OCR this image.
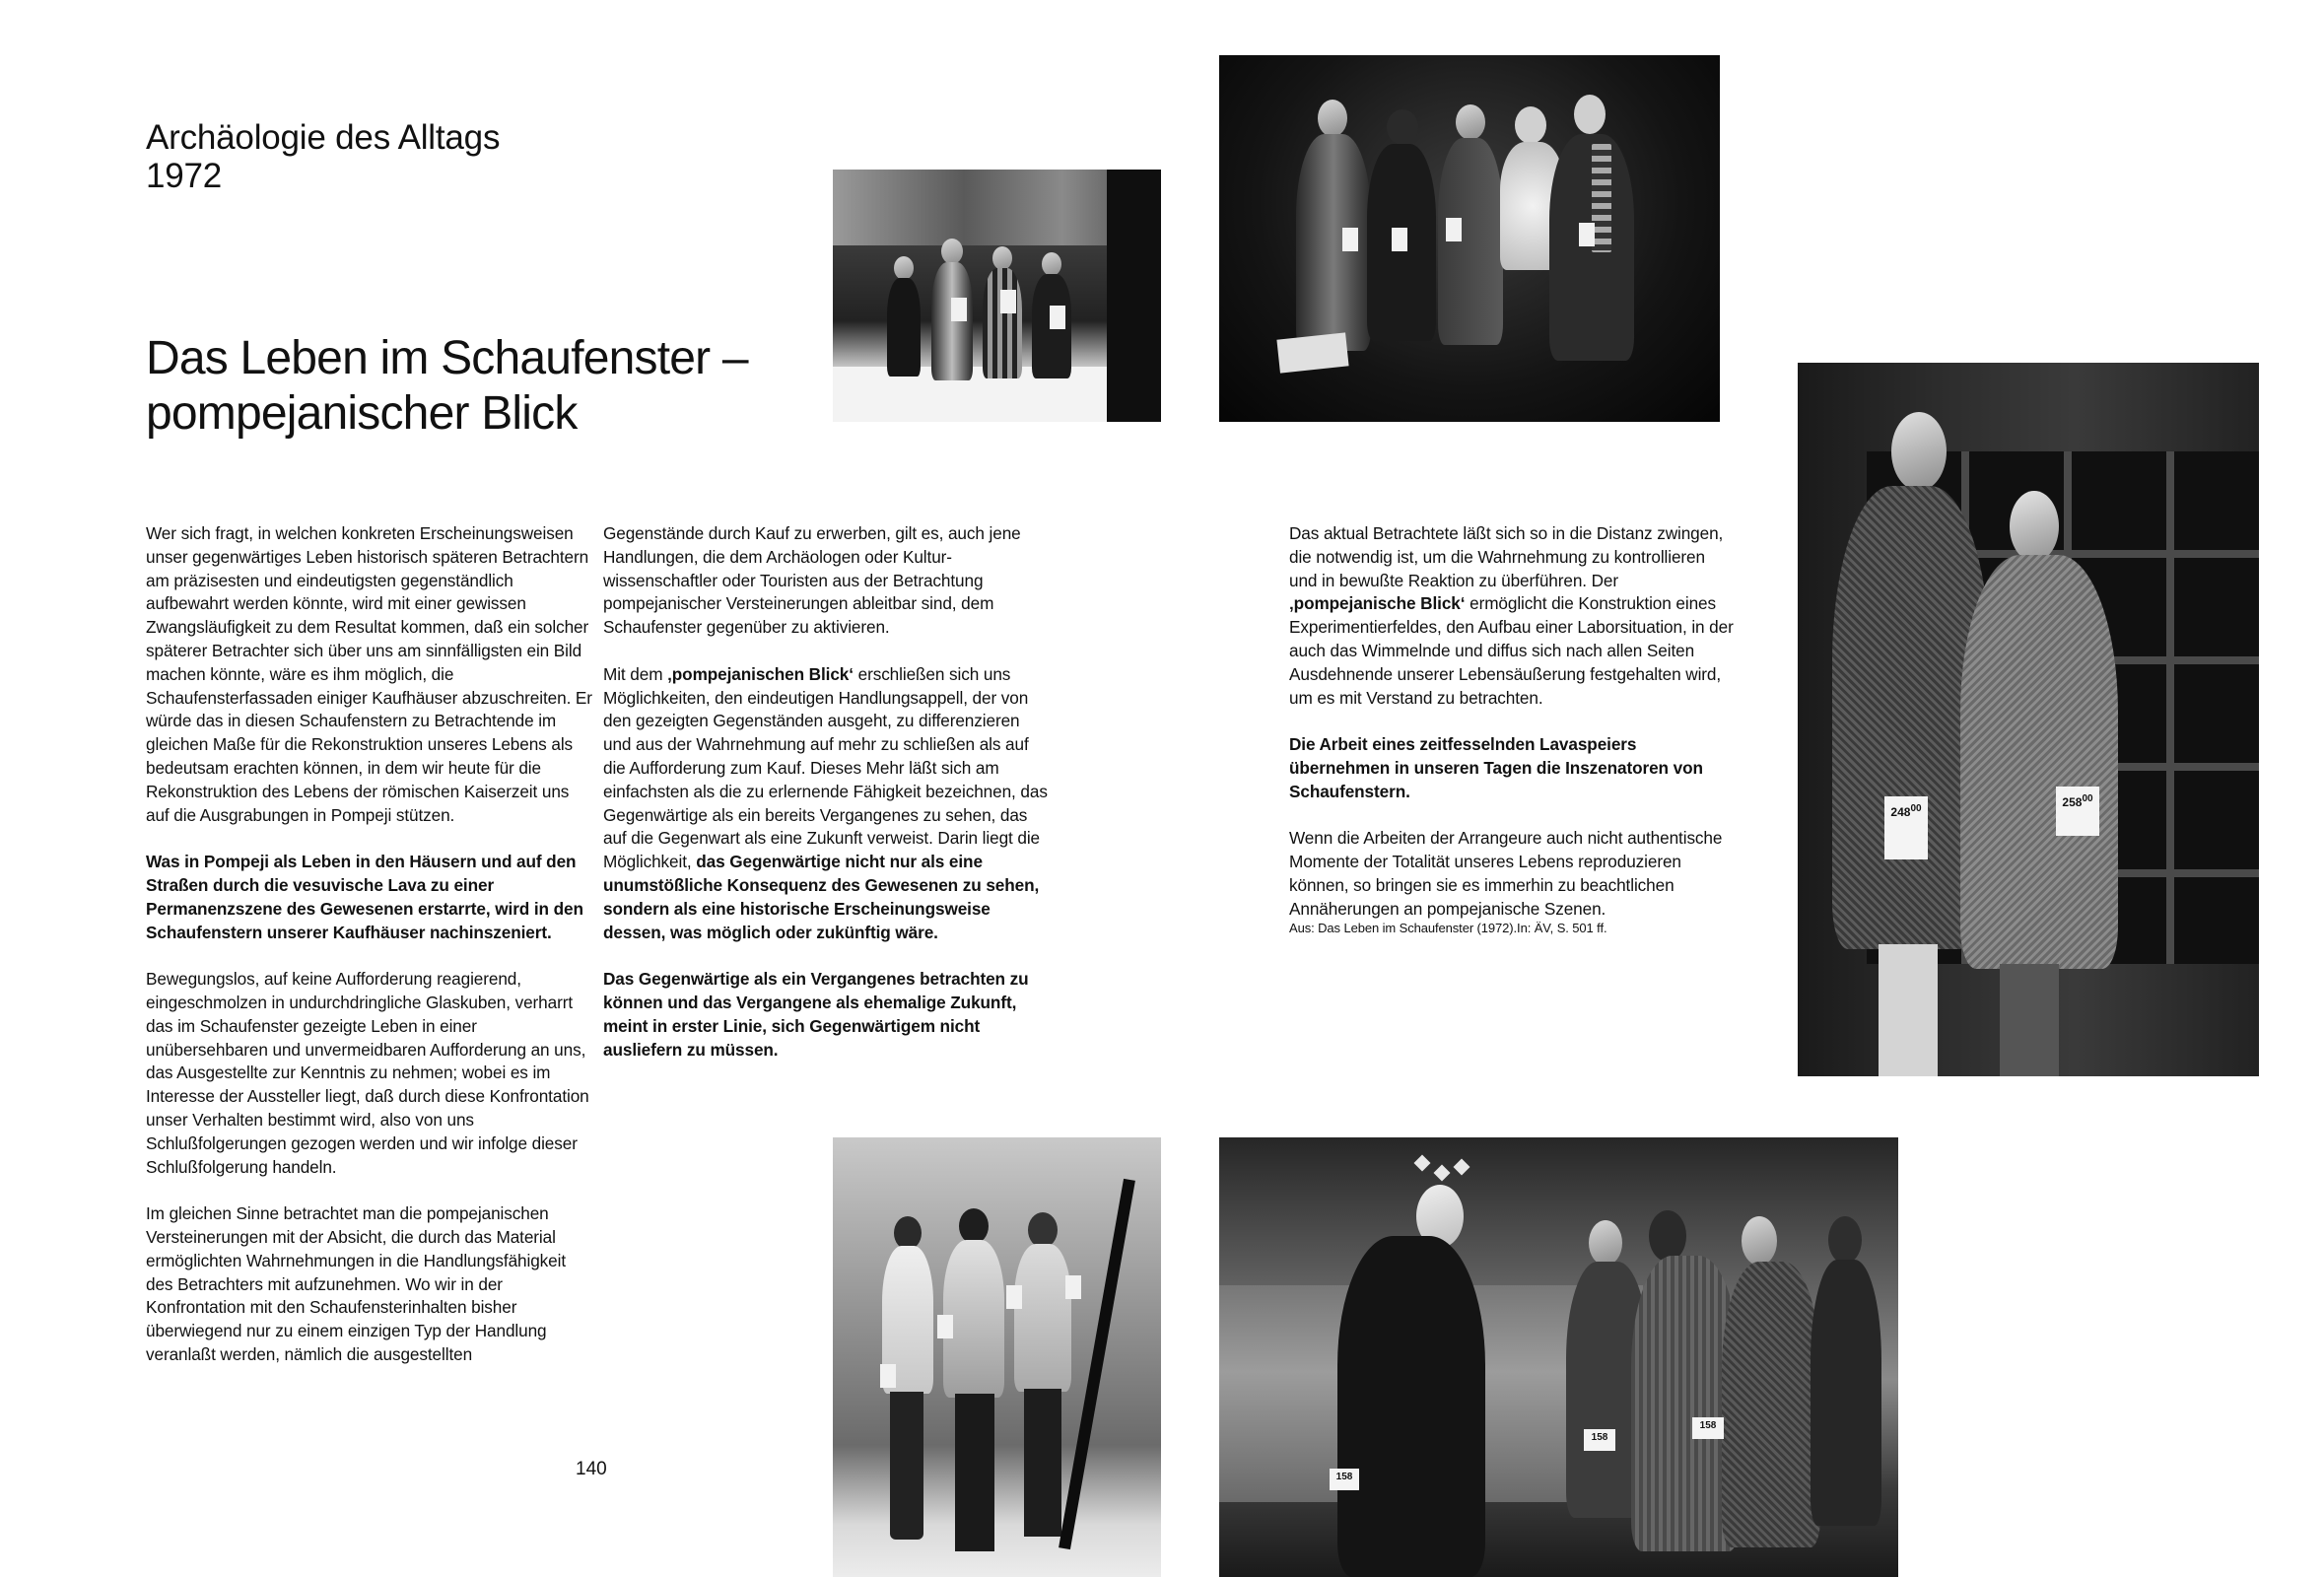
Archäologie des Alltags
1972
Das Leben im Schaufenster –
pompejanischer Blick

Wer sich fragt, in welchen konkreten Erscheinungsweisen unser gegenwärtiges Leben historisch späteren Betrachtern am präzisesten und eindeutigsten gegenständlich aufbewahrt werden könnte, wird mit einer gewissen Zwangsläufigkeit zu dem Resultat kommen, daß ein solcher späterer Betrachter sich über uns am sinnfälligsten ein Bild machen könnte, wäre es ihm möglich, die Schaufensterfassaden einiger Kaufhäuser abzuschreiten. Er würde das in diesen Schaufenstern zu Betrachtende im gleichen Maße für die Rekonstruktion unseres Lebens als bedeutsam erachten können, in dem wir heute für die Rekonstruktion des Lebens der römischen Kaiserzeit uns auf die Ausgrabungen in Pompeji stützen.

Was in Pompeji als Leben in den Häusern und auf den Straßen durch die vesuvische Lava zu einer Permanenzszene des Gewesenen erstarrte, wird in den Schaufenstern unserer Kaufhäuser nachinszeniert.

Bewegungslos, auf keine Aufforderung reagierend, eingeschmolzen in undurchdringliche Glaskuben, verharrt das im Schaufenster gezeigte Leben in einer unübersehbaren und unvermeidbaren Aufforderung an uns, das Ausgestellte zur Kenntnis zu nehmen; wobei es im Interesse der Aussteller liegt, daß durch diese Konfrontation unser Verhalten bestimmt wird, also von uns Schlußfolgerungen gezogen werden und wir infolge dieser Schlußfolgerung handeln.

Im gleichen Sinne betrachtet man die pompejanischen Versteinerungen mit der Absicht, die durch das Material ermöglichten Wahrnehmungen in die Handlungsfähigkeit des Betrachters mit aufzunehmen. Wo wir in der Konfrontation mit den Schaufensterinhalten bisher überwiegend nur zu einem einzigen Typ der Handlung veranlaßt werden, nämlich die ausgestellten

Gegenstände durch Kauf zu erwerben, gilt es, auch jene Handlungen, die dem Archäologen oder Kulturwissenschaftler oder Touristen aus der Betrachtung pompejanischer Versteinerungen ableitbar sind, dem Schaufenster gegenüber zu aktivieren.

Mit dem ‚pompejanischen Blick‘ erschließen sich uns Möglichkeiten, den eindeutigen Handlungsappell, der von den gezeigten Gegenständen ausgeht, zu differenzieren und aus der Wahrnehmung auf mehr zu schließen als auf die Aufforderung zum Kauf. Dieses Mehr läßt sich am einfachsten als die zu erlernende Fähigkeit bezeichnen, das Gegenwärtige als ein bereits Vergangenes zu sehen, das auf die Gegenwart als eine Zukunft verweist. Darin liegt die Möglichkeit, das Gegenwärtige nicht nur als eine unumstößliche Konsequenz des Gewesenen zu sehen, sondern als eine historische Erscheinungsweise dessen, was möglich oder zukünftig wäre.

Das Gegenwärtige als ein Vergangenes betrachten zu können und das Vergangene als ehemalige Zukunft, meint in erster Linie, sich Gegenwärtigem nicht ausliefern zu müssen.

Das aktual Betrachtete läßt sich so in die Distanz zwingen, die notwendig ist, um die Wahrnehmung zu kontrollieren und in bewußte Reaktion zu überführen. Der ‚pompejanische Blick‘ ermöglicht die Konstruktion eines Experimentierfeldes, den Aufbau einer Laborsituation, in der auch das Wimmelnde und diffus sich nach allen Seiten Ausdehnende unserer Lebensäußerung festgehalten wird, um es mit Verstand zu betrachten.

Die Arbeit eines zeitfesselnden Lavaspeiers übernehmen in unseren Tagen die Inszenatoren von Schaufenstern.

Wenn die Arbeiten der Arrangeure auch nicht authentische Momente der Totalität unseres Lebens reproduzieren können, so bringen sie es immerhin zu beachtlichen Annäherungen an pompejanische Szenen.

Aus: Das Leben im Schaufenster (1972).In: ÄV, S. 501 ff.
140
$248^{00}$	$258^{00}$
158
158
158
